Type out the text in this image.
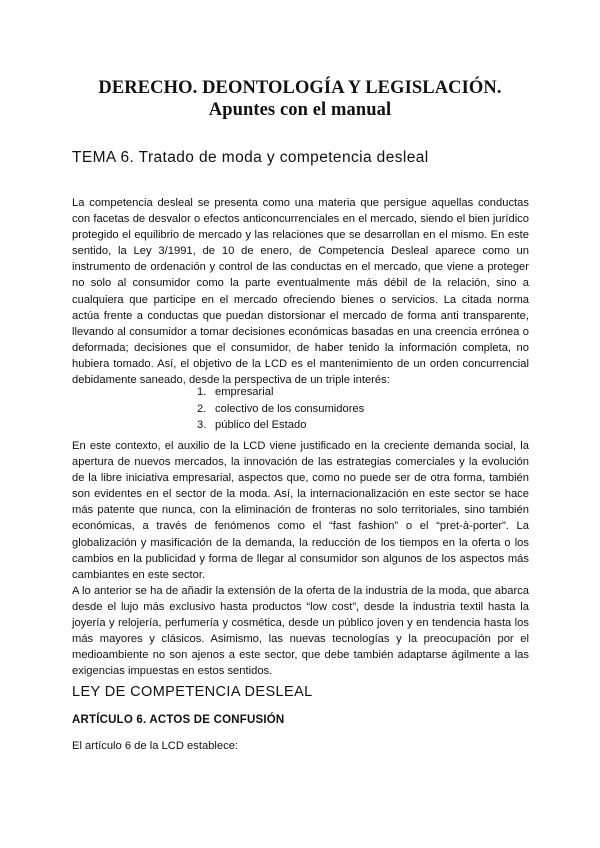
DERECHO. DEONTOLOGÍA Y LEGISLACIÓN.
Apuntes con el manual
TEMA 6. Tratado de moda y competencia desleal

La competencia desleal se presenta como una materia que persigue aquellas conductas con facetas de desvalor o efectos anticoncurrenciales en el mercado, siendo el bien jurídico protegido el equilibrio de mercado y las relaciones que se desarrollan en el mismo. En este sentido, la Ley 3/1991, de 10 de enero, de Competencia Desleal aparece como un instrumento de ordenación y control de las conductas en el mercado, que viene a proteger no solo al consumidor como la parte eventualmente más débil de la relación, sino a cualquiera que participe en el mercado ofreciendo bienes o servicios. La citada norma actúa frente a conductas que puedan distorsionar el mercado de forma anti transparente, llevando al consumidor a tomar decisiones económicas basadas en una creencia errónea o deformada; decisiones que el consumidor, de haber tenido la información completa, no hubiera tomado. Así, el objetivo de la LCD es el mantenimiento de un orden concurrencial debidamente saneado, desde la perspectiva de un triple interés:

1. empresarial
2. colectivo de los consumidores
3. público del Estado

En este contexto, el auxilio de la LCD viene justificado en la creciente demanda social, la apertura de nuevos mercados, la innovación de las estrategias comerciales y la evolución de la libre iniciativa empresarial, aspectos que, como no puede ser de otra forma, también son evidentes en el sector de la moda. Así, la internacionalización en este sector se hace más patente que nunca, con la eliminación de fronteras no solo territoriales, sino también económicas, a través de fenómenos como el “fast fashion” o el “pret-à-porter”. La globalización y masificación de la demanda, la reducción de los tiempos en la oferta o los cambios en la publicidad y forma de llegar al consumidor son algunos de los aspectos más cambiantes en este sector.

A lo anterior se ha de añadir la extensión de la oferta de la industria de la moda, que abarca desde el lujo más exclusivo hasta productos “low cost”, desde la industria textil hasta la joyería y relojería, perfumería y cosmética, desde un público joven y en tendencia hasta los más mayores y clásicos. Asimismo, las nuevas tecnologías y la preocupación por el medioambiente no son ajenos a este sector, que debe también adaptarse ágilmente a las exigencias impuestas en estos sentidos.

LEY DE COMPETENCIA DESLEAL
ARTÍCULO 6. ACTOS DE CONFUSIÓN
El artículo 6 de la LCD establece:
